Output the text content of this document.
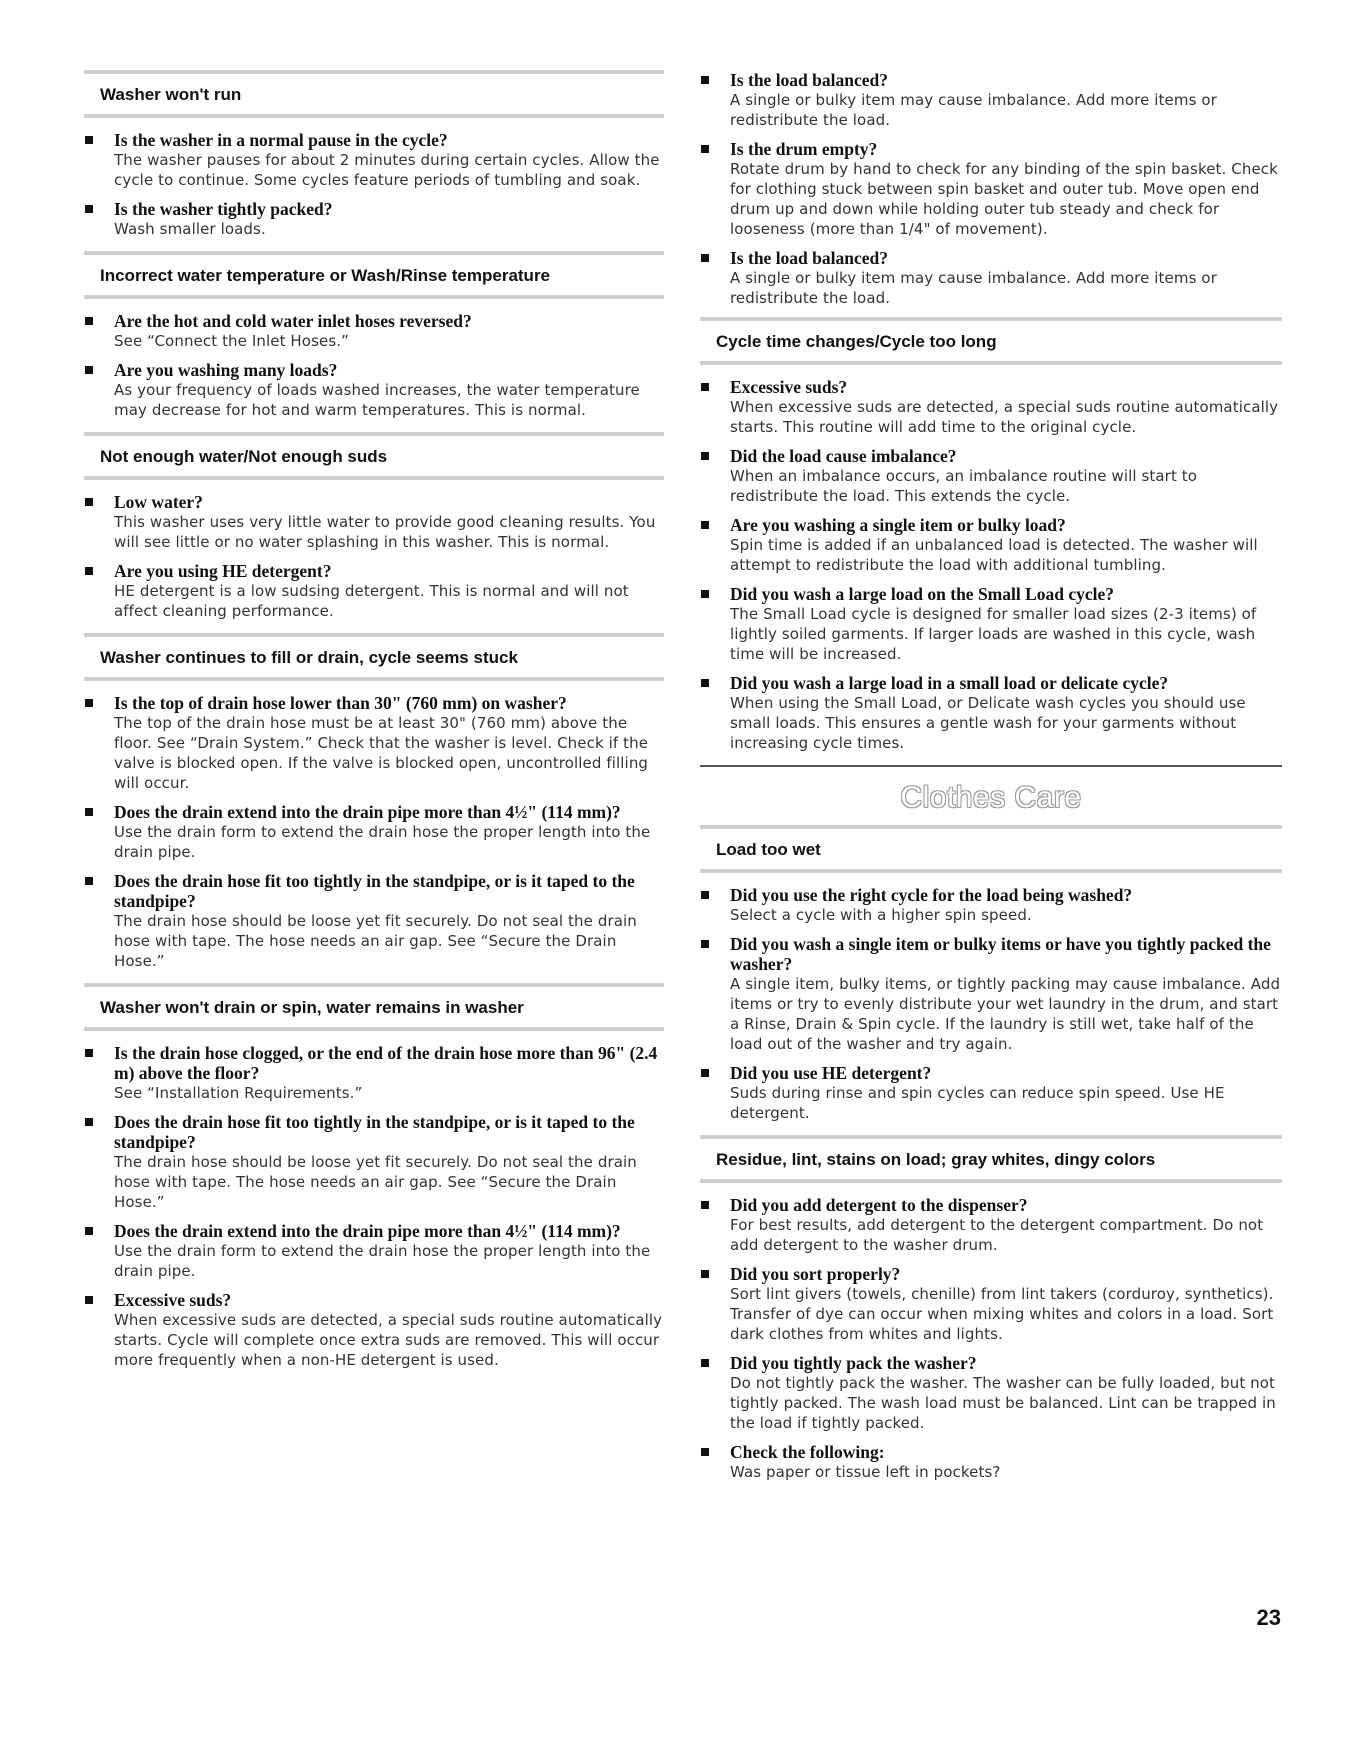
Washer won't run
Is the washer in a normal pause in the cycle?
The washer pauses for about 2 minutes during certain cycles. Allow the cycle to continue. Some cycles feature periods of tumbling and soak.
Is the washer tightly packed?
Wash smaller loads.
Incorrect water temperature or Wash/Rinse temperature
Are the hot and cold water inlet hoses reversed?
See “Connect the Inlet Hoses.”
Are you washing many loads?
As your frequency of loads washed increases, the water temperature may decrease for hot and warm temperatures. This is normal.
Not enough water/Not enough suds
Low water?
This washer uses very little water to provide good cleaning results. You will see little or no water splashing in this washer. This is normal.
Are you using HE detergent?
HE detergent is a low sudsing detergent. This is normal and will not affect cleaning performance.
Washer continues to fill or drain, cycle seems stuck
Is the top of drain hose lower than 30" (760 mm) on washer?
The top of the drain hose must be at least 30" (760 mm) above the floor. See “Drain System.” Check that the washer is level. Check if the valve is blocked open. If the valve is blocked open, uncontrolled filling will occur.
Does the drain extend into the drain pipe more than 4½" (114 mm)?
Use the drain form to extend the drain hose the proper length into the drain pipe.
Does the drain hose fit too tightly in the standpipe, or is it taped to the standpipe?
The drain hose should be loose yet fit securely. Do not seal the drain hose with tape. The hose needs an air gap. See “Secure the Drain Hose.”
Washer won't drain or spin, water remains in washer
Is the drain hose clogged, or the end of the drain hose more than 96" (2.4 m) above the floor?
See “Installation Requirements.”
Does the drain hose fit too tightly in the standpipe, or is it taped to the standpipe?
The drain hose should be loose yet fit securely. Do not seal the drain hose with tape. The hose needs an air gap. See “Secure the Drain Hose.”
Does the drain extend into the drain pipe more than 4½" (114 mm)?
Use the drain form to extend the drain hose the proper length into the drain pipe.
Excessive suds?
When excessive suds are detected, a special suds routine automatically starts. Cycle will complete once extra suds are removed. This will occur more frequently when a non-HE detergent is used.
Is the load balanced?
A single or bulky item may cause imbalance. Add more items or redistribute the load.
Is the drum empty?
Rotate drum by hand to check for any binding of the spin basket. Check for clothing stuck between spin basket and outer tub. Move open end drum up and down while holding outer tub steady and check for looseness (more than 1/4" of movement).
Is the load balanced?
A single or bulky item may cause imbalance. Add more items or redistribute the load.
Cycle time changes/Cycle too long
Excessive suds?
When excessive suds are detected, a special suds routine automatically starts. This routine will add time to the original cycle.
Did the load cause imbalance?
When an imbalance occurs, an imbalance routine will start to redistribute the load. This extends the cycle.
Are you washing a single item or bulky load?
Spin time is added if an unbalanced load is detected. The washer will attempt to redistribute the load with additional tumbling.
Did you wash a large load on the Small Load cycle?
The Small Load cycle is designed for smaller load sizes (2-3 items) of lightly soiled garments. If larger loads are washed in this cycle, wash time will be increased.
Did you wash a large load in a small load or delicate cycle?
When using the Small Load, or Delicate wash cycles you should use small loads. This ensures a gentle wash for your garments without increasing cycle times.
Clothes Care
Load too wet
Did you use the right cycle for the load being washed?
Select a cycle with a higher spin speed.
Did you wash a single item or bulky items or have you tightly packed the washer?
A single item, bulky items, or tightly packing may cause imbalance. Add items or try to evenly distribute your wet laundry in the drum, and start a Rinse, Drain & Spin cycle. If the laundry is still wet, take half of the load out of the washer and try again.
Did you use HE detergent?
Suds during rinse and spin cycles can reduce spin speed. Use HE detergent.
Residue, lint, stains on load; gray whites, dingy colors
Did you add detergent to the dispenser?
For best results, add detergent to the detergent compartment. Do not add detergent to the washer drum.
Did you sort properly?
Sort lint givers (towels, chenille) from lint takers (corduroy, synthetics). Transfer of dye can occur when mixing whites and colors in a load. Sort dark clothes from whites and lights.
Did you tightly pack the washer?
Do not tightly pack the washer. The washer can be fully loaded, but not tightly packed. The wash load must be balanced. Lint can be trapped in the load if tightly packed.
Check the following:
Was paper or tissue left in pockets?
23
